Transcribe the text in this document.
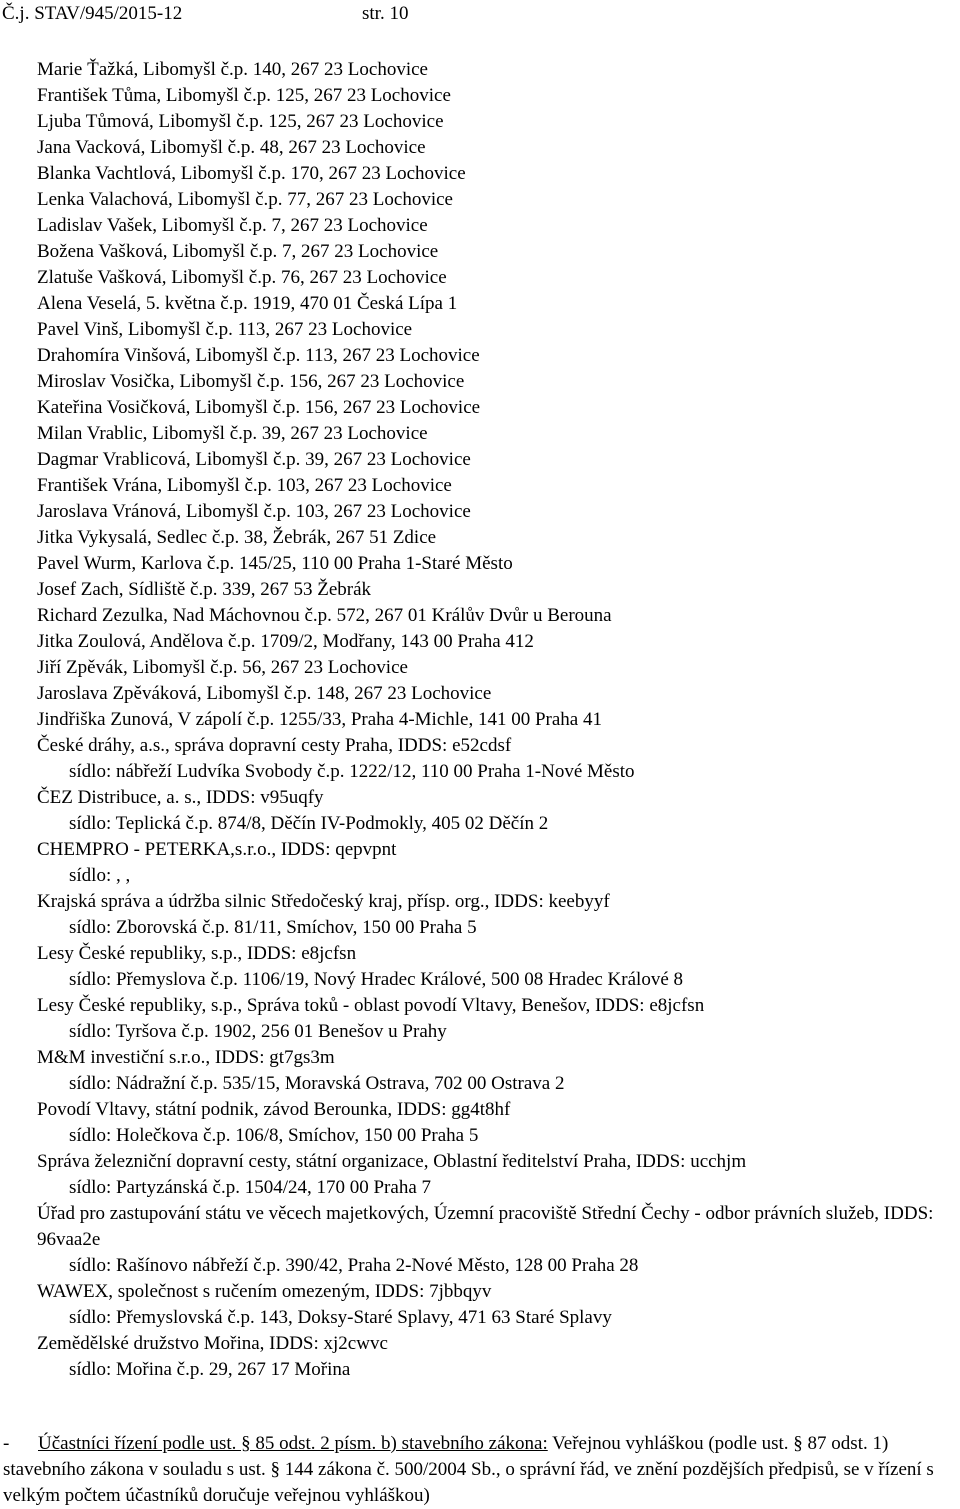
Č.j. STAV/945/2015-12	str. 10
Marie Ťažká, Libomyšl č.p. 140, 267 23 Lochovice
František Tůma, Libomyšl č.p. 125, 267 23 Lochovice
Ljuba Tůmová, Libomyšl č.p. 125, 267 23 Lochovice
Jana Vacková, Libomyšl č.p. 48, 267 23 Lochovice
Blanka Vachtlová, Libomyšl č.p. 170, 267 23 Lochovice
Lenka Valachová, Libomyšl č.p. 77, 267 23 Lochovice
Ladislav Vašek, Libomyšl č.p. 7, 267 23 Lochovice
Božena Vašková, Libomyšl č.p. 7, 267 23 Lochovice
Zlatuše Vašková, Libomyšl č.p. 76, 267 23 Lochovice
Alena Veselá, 5. května č.p. 1919, 470 01 Česká Lípa 1
Pavel Vinš, Libomyšl č.p. 113, 267 23 Lochovice
Drahomíra Vinšová, Libomyšl č.p. 113, 267 23 Lochovice
Miroslav Vosička, Libomyšl č.p. 156, 267 23 Lochovice
Kateřina Vosičková, Libomyšl č.p. 156, 267 23 Lochovice
Milan Vrablic, Libomyšl č.p. 39, 267 23 Lochovice
Dagmar Vrablicová, Libomyšl č.p. 39, 267 23 Lochovice
František Vrána, Libomyšl č.p. 103, 267 23 Lochovice
Jaroslava Vránová, Libomyšl č.p. 103, 267 23 Lochovice
Jitka Vykysalá, Sedlec č.p. 38, Žebrák, 267 51 Zdice
Pavel Wurm, Karlova č.p. 145/25, 110 00 Praha 1-Staré Město
Josef Zach, Sídliště č.p. 339, 267 53 Žebrák
Richard Zezulka, Nad Máchovnou č.p. 572, 267 01 Králův Dvůr u Berouna
Jitka Zoulová, Andělova č.p. 1709/2, Modřany, 143 00 Praha 412
Jiří Zpěvák, Libomyšl č.p. 56, 267 23 Lochovice
Jaroslava Zpěváková, Libomyšl č.p. 148, 267 23 Lochovice
Jindřiška Zunová, V zápolí č.p. 1255/33, Praha 4-Michle, 141 00 Praha 41
České dráhy, a.s., správa dopravní cesty Praha, IDDS: e52cdsf
sídlo: nábřeží Ludvíka Svobody č.p. 1222/12, 110 00 Praha 1-Nové Město
ČEZ Distribuce, a. s., IDDS: v95uqfy
sídlo: Teplická č.p. 874/8, Děčín IV-Podmokly, 405 02 Děčín 2
CHEMPRO - PETERKA,s.r.o., IDDS: qepvpnt
sídlo: , ,
Krajská správa a údržba silnic Středočeský kraj, přísp. org., IDDS: keebyyf
sídlo: Zborovská č.p. 81/11, Smíchov, 150 00 Praha 5
Lesy České republiky, s.p., IDDS: e8jcfsn
sídlo: Přemyslova č.p. 1106/19, Nový Hradec Králové, 500 08 Hradec Králové 8
Lesy České republiky, s.p., Správa toků - oblast povodí Vltavy, Benešov, IDDS: e8jcfsn
sídlo: Tyršova č.p. 1902, 256 01 Benešov u Prahy
M&M investiční s.r.o., IDDS: gt7gs3m
sídlo: Nádražní č.p. 535/15, Moravská Ostrava, 702 00 Ostrava 2
Povodí Vltavy, státní podnik, závod Berounka, IDDS: gg4t8hf
sídlo: Holečkova č.p. 106/8, Smíchov, 150 00 Praha 5
Správa železniční dopravní cesty, státní organizace, Oblastní ředitelství Praha, IDDS: ucchjm
sídlo: Partyzánská č.p. 1504/24, 170 00 Praha 7
Úřad pro zastupování státu ve věcech majetkových, Územní pracoviště Střední Čechy - odbor právních služeb, IDDS: 96vaa2e
sídlo: Rašínovo nábřeží č.p. 390/42, Praha 2-Nové Město, 128 00 Praha 28
WAWEX, společnost s ručením omezeným, IDDS: 7jbbqyv
sídlo: Přemyslovská č.p. 143, Doksy-Staré Splavy, 471 63 Staré Splavy
Zemědělské družstvo Mořina, IDDS: xj2cwvc
sídlo: Mořina č.p. 29, 267 17 Mořina
- Účastníci řízení podle ust. § 85 odst. 2 písm. b) stavebního zákona: Veřejnou vyhláškou (podle ust. § 87 odst. 1) stavebního zákona v souladu s ust. § 144 zákona č. 500/2004 Sb., o správní řád, ve znění pozdějších předpisů, se v řízení s velkým počtem účastníků doručuje veřejnou vyhláškou)
